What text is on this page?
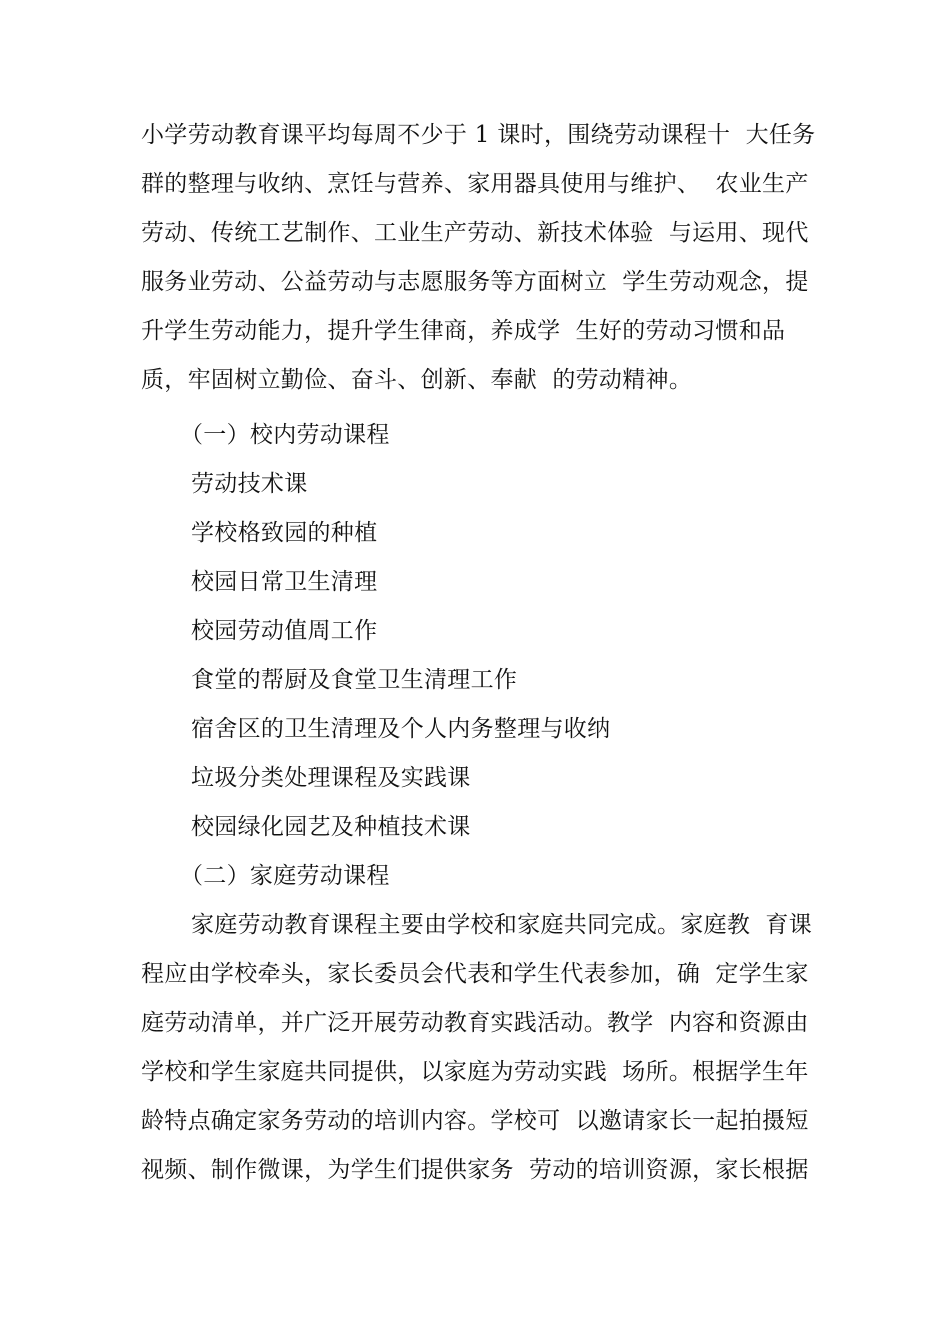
小学劳动教育课平均每周不少于 1 课时，围绕劳动课程十  大任务
群的整理与收纳、烹饪与营养、家用器具使用与维护、  农业生产
劳动、传统工艺制作、工业生产劳动、新技术体验  与运用、现代
服务业劳动、公益劳动与志愿服务等方面树立  学生劳动观念，提
升学生劳动能力，提升学生律商，养成学  生好的劳动习惯和品
质，牢固树立勤俭、奋斗、创新、奉献  的劳动精神。
（一）校内劳动课程
劳动技术课
学校格致园的种植
校园日常卫生清理
校园劳动值周工作
食堂的帮厨及食堂卫生清理工作
宿舍区的卫生清理及个人内务整理与收纳
垃圾分类处理课程及实践课
校园绿化园艺及种植技术课
（二）家庭劳动课程
家庭劳动教育课程主要由学校和家庭共同完成。家庭教  育课
程应由学校牵头，家长委员会代表和学生代表参加，确  定学生家
庭劳动清单，并广泛开展劳动教育实践活动。教学  内容和资源由
学校和学生家庭共同提供，以家庭为劳动实践  场所。根据学生年
龄特点确定家务劳动的培训内容。学校可  以邀请家长一起拍摄短
视频、制作微课，为学生们提供家务  劳动的培训资源，家长根据
